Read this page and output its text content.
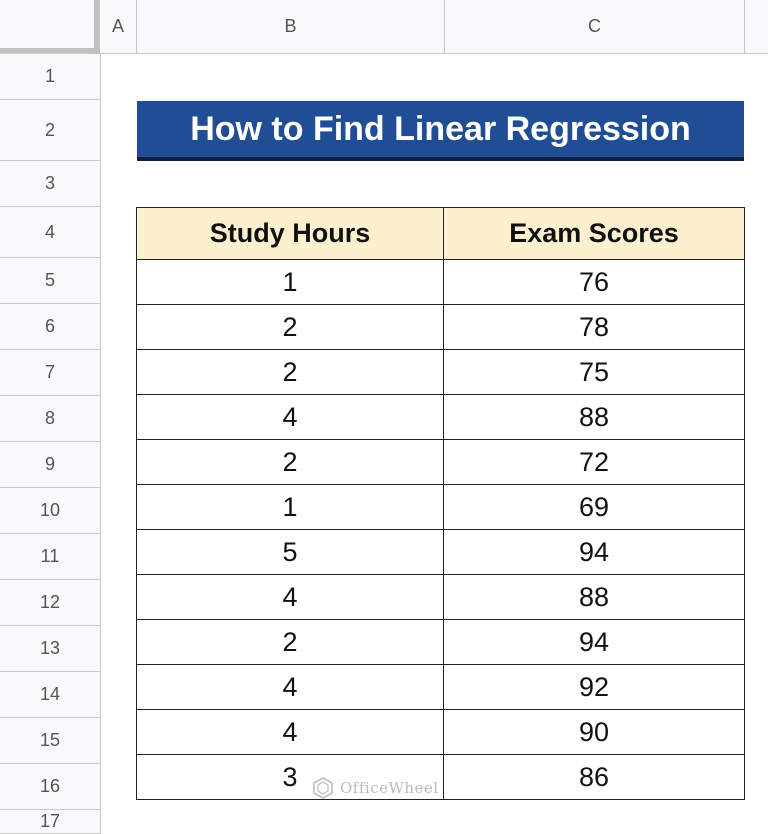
A	B	C
1
2
3
4
5
6
7
8
9
10
11
12
13
14
15
16
17
How to Find Linear Regression
Study Hours	Exam Scores
1	76
2	78
2	75
4	88
2	72
1	69
5	94
4	88
2	94
4	92
4	90
3	86
OfficeWheel
